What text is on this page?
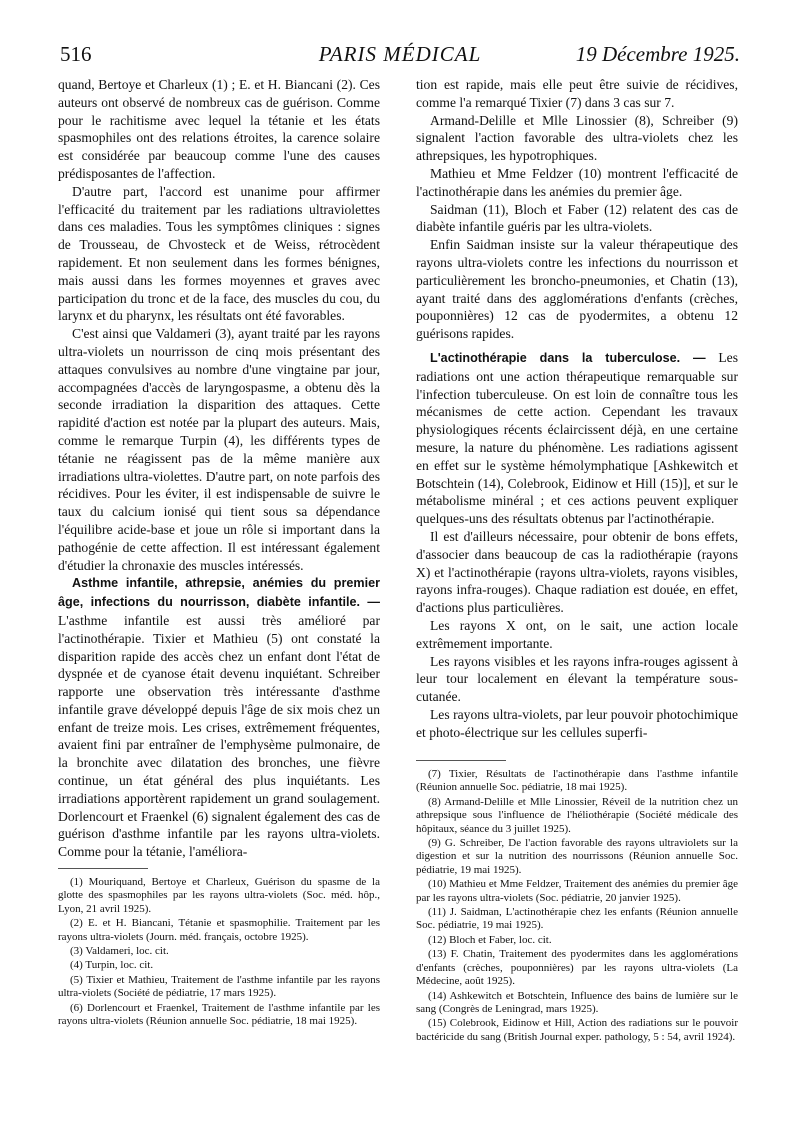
516	PARIS MÉDICAL	19 Décembre 1925.

quand, Bertoye et Charleux (1) ; E. et H. Biancani (2). Ces auteurs ont observé de nombreux cas de guérison. Comme pour le rachitisme avec lequel la tétanie et les états spasmophiles ont des relations étroites, la carence solaire est considérée par beaucoup comme l'une des causes prédisposantes de l'affection.

D'autre part, l'accord est unanime pour affirmer l'efficacité du traitement par les radiations ultraviolettes dans ces maladies. Tous les symptômes cliniques : signes de Trousseau, de Chvosteck et de Weiss, rétrocèdent rapidement. Et non seulement dans les formes bénignes, mais aussi dans les formes moyennes et graves avec participation du tronc et de la face, des muscles du cou, du larynx et du pharynx, les résultats ont été favorables.

C'est ainsi que Valdameri (3), ayant traité par les rayons ultra-violets un nourrisson de cinq mois présentant des attaques convulsives au nombre d'une vingtaine par jour, accompagnées d'accès de laryngospasme, a obtenu dès la seconde irradiation la disparition des attaques. Cette rapidité d'action est notée par la plupart des auteurs. Mais, comme le remarque Turpin (4), les différents types de tétanie ne réagissent pas de la même manière aux irradiations ultra-violettes. D'autre part, on note parfois des récidives. Pour les éviter, il est indispensable de suivre le taux du calcium ionisé qui tient sous sa dépendance l'équilibre acide-base et joue un rôle si important dans la pathogénie de cette affection. Il est intéressant également d'étudier la chronaxie des muscles intéressés.

Asthme infantile, athrepsie, anémies du premier âge, infections du nourrisson, diabète infantile. — L'asthme infantile est aussi très amélioré par l'actinothérapie. Tixier et Mathieu (5) ont constaté la disparition rapide des accès chez un enfant dont l'état de dyspnée et de cyanose était devenu inquiétant. Schreiber rapporte une observation très intéressante d'asthme infantile grave développé depuis l'âge de six mois chez un enfant de treize mois. Les crises, extrêmement fréquentes, avaient fini par entraîner de l'emphysème pulmonaire, de la bronchite avec dilatation des bronches, une fièvre continue, un état général des plus inquiétants. Les irradiations apportèrent rapidement un grand soulagement. Dorlencourt et Fraenkel (6) signalent également des cas de guérison d'asthme infantile par les rayons ultra-violets. Comme pour la tétanie, l'améliora-

(1) Mouriquand, Bertoye et Charleux, Guérison du spasme de la glotte des spasmophiles par les rayons ultra-violets (Soc. méd. hôp., Lyon, 21 avril 1925).

(2) E. et H. Biancani, Tétanie et spasmophilie. Traitement par les rayons ultra-violets (Journ. méd. français, octobre 1925).

(3) Valdameri, loc. cit.

(4) Turpin, loc. cit.

(5) Tixier et Mathieu, Traitement de l'asthme infantile par les rayons ultra-violets (Société de pédiatrie, 17 mars 1925).

(6) Dorlencourt et Fraenkel, Traitement de l'asthme infantile par les rayons ultra-violets (Réunion annuelle Soc. pédiatrie, 18 mai 1925).

tion est rapide, mais elle peut être suivie de récidives, comme l'a remarqué Tixier (7) dans 3 cas sur 7.

Armand-Delille et Mlle Linossier (8), Schreiber (9) signalent l'action favorable des ultra-violets chez les athrepsiques, les hypotrophiques.

Mathieu et Mme Feldzer (10) montrent l'efficacité de l'actinothérapie dans les anémies du premier âge.

Saidman (11), Bloch et Faber (12) relatent des cas de diabète infantile guéris par les ultra-violets.

Enfin Saidman insiste sur la valeur thérapeutique des rayons ultra-violets contre les infections du nourrisson et particulièrement les broncho-pneumonies, et Chatin (13), ayant traité dans des agglomérations d'enfants (crèches, pouponnières) 12 cas de pyodermites, a obtenu 12 guérisons rapides.

L'actinothérapie dans la tuberculose. — Les radiations ont une action thérapeutique remarquable sur l'infection tuberculeuse. On est loin de connaître tous les mécanismes de cette action. Cependant les travaux physiologiques récents éclaircissent déjà, en une certaine mesure, la nature du phénomène. Les radiations agissent en effet sur le système hémolymphatique [Ashkewitch et Botschtein (14), Colebrook, Eidinow et Hill (15)], et sur le métabolisme minéral ; et ces actions peuvent expliquer quelques-uns des résultats obtenus par l'actinothérapie.

Il est d'ailleurs nécessaire, pour obtenir de bons effets, d'associer dans beaucoup de cas la radiothérapie (rayons X) et l'actinothérapie (rayons ultra-violets, rayons visibles, rayons infra-rouges). Chaque radiation est douée, en effet, d'actions plus particulières.

Les rayons X ont, on le sait, une action locale extrêmement importante.

Les rayons visibles et les rayons infra-rouges agissent à leur tour localement en élevant la température sous-cutanée.

Les rayons ultra-violets, par leur pouvoir photochimique et photo-électrique sur les cellules superfi-

(7) Tixier, Résultats de l'actinothérapie dans l'asthme infantile (Réunion annuelle Soc. pédiatrie, 18 mai 1925).

(8) Armand-Delille et Mlle Linossier, Réveil de la nutrition chez un athrepsique sous l'influence de l'héliothérapie (Société médicale des hôpitaux, séance du 3 juillet 1925).

(9) G. Schreiber, De l'action favorable des rayons ultraviolets sur la digestion et sur la nutrition des nourrissons (Réunion annuelle Soc. pédiatrie, 19 mai 1925).

(10) Mathieu et Mme Feldzer, Traitement des anémies du premier âge par les rayons ultra-violets (Soc. pédiatrie, 20 janvier 1925).

(11) J. Saidman, L'actinothérapie chez les enfants (Réunion annuelle Soc. pédiatrie, 19 mai 1925).

(12) Bloch et Faber, loc. cit.

(13) F. Chatin, Traitement des pyodermites dans les agglomérations d'enfants (crèches, pouponnières) par les rayons ultra-violets (La Médecine, août 1925).

(14) Ashkewitch et Botschtein, Influence des bains de lumière sur le sang (Congrès de Leningrad, mars 1925).

(15) Colebrook, Eidinow et Hill, Action des radiations sur le pouvoir bactéricide du sang (British Journal exper. pathology, 5 : 54, avril 1924).
